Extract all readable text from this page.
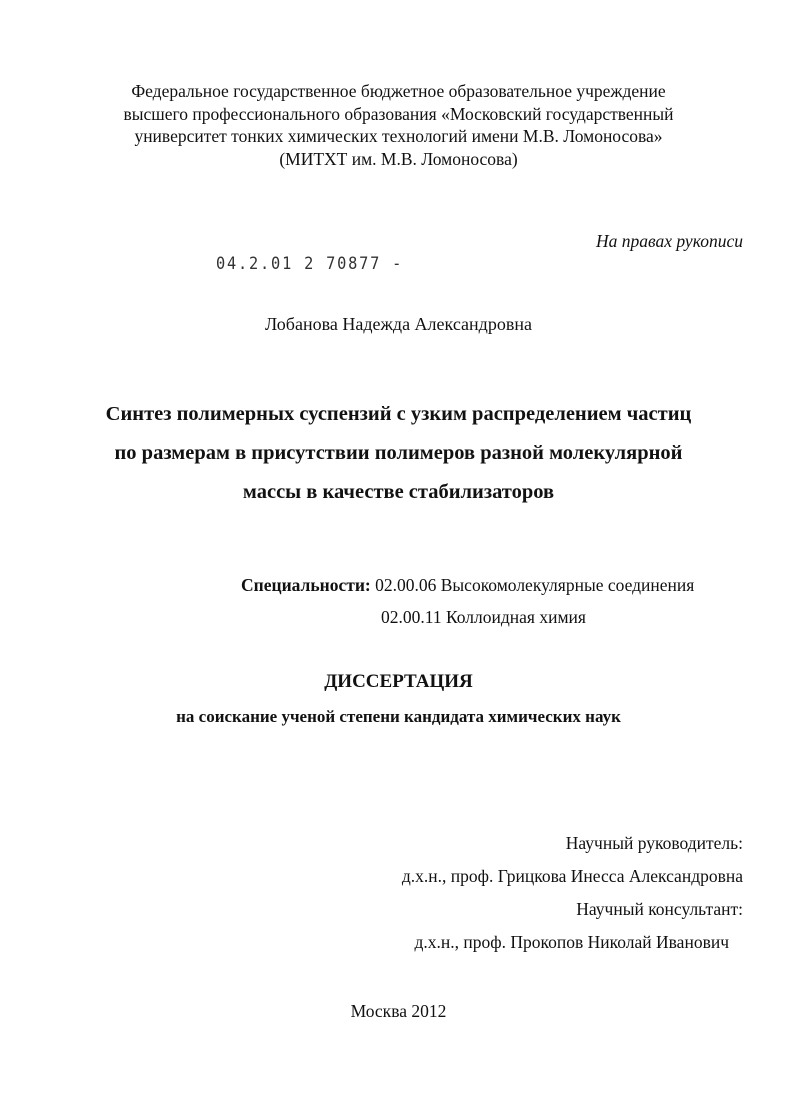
Федеральное государственное бюджетное образовательное учреждение
высшего профессионального образования «Московский государственный
университет тонких химических технологий имени М.В. Ломоносова»
(МИТХТ им. М.В. Ломоносова)
На правах рукописи
04.2.01 2 70877 -
Лобанова Надежда Александровна
Синтез полимерных суспензий с узким распределением частиц
по размерам в присутствии полимеров разной молекулярной
массы в качестве стабилизаторов
Специальности: 02.00.06 Высокомолекулярные соединения
02.00.11 Коллоидная химия
ДИССЕРТАЦИЯ
на соискание ученой степени кандидата химических наук
Научный руководитель:
д.х.н., проф. Грицкова Инесса Александровна
Научный консультант:
д.х.н., проф. Прокопов Николай Иванович
Москва 2012
